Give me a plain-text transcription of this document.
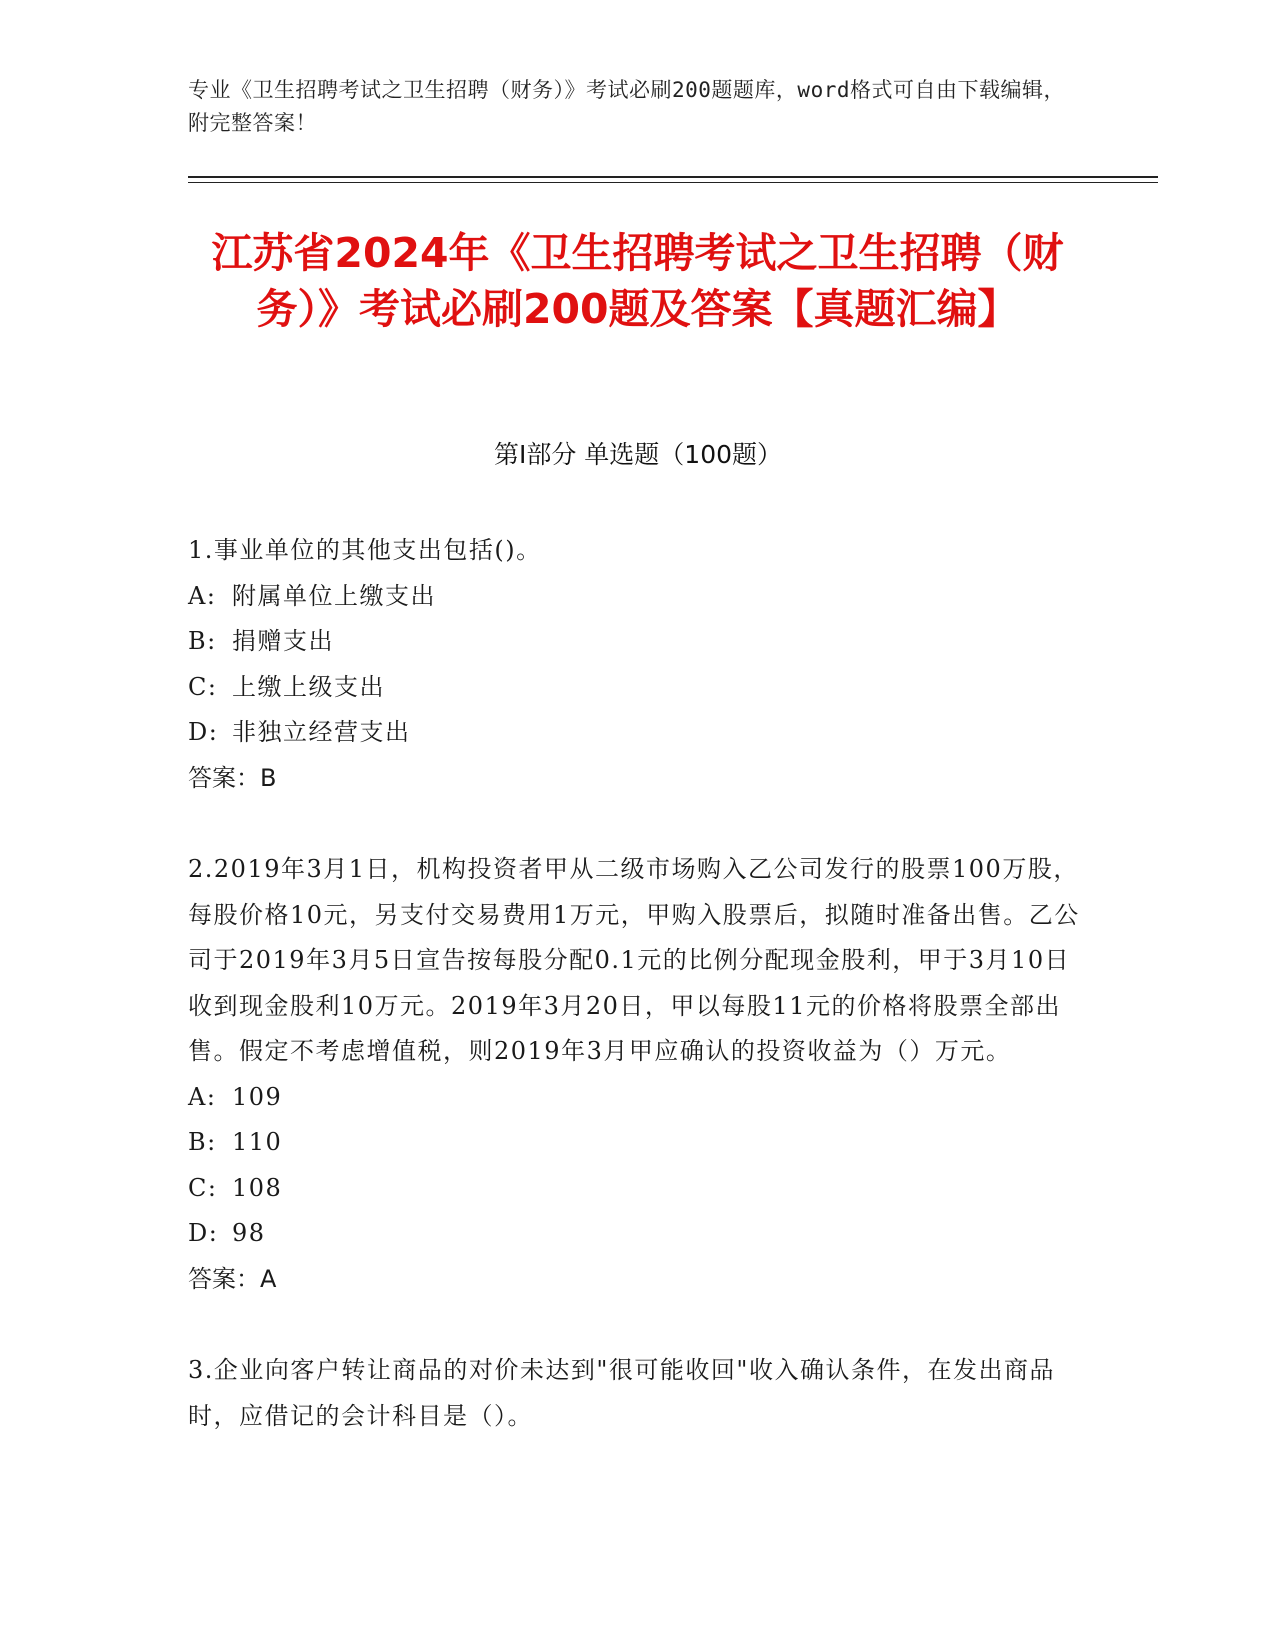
专业《卫生招聘考试之卫生招聘（财务）》考试必刷200题题库，word格式可自由下载编辑，附完整答案！
江苏省2024年《卫生招聘考试之卫生招聘（财务）》考试必刷200题及答案【真题汇编】
第Ⅰ部分 单选题（100题）

1.事业单位的其他支出包括()。

A: 附属单位上缴支出

B: 捐赠支出

C: 上缴上级支出

D: 非独立经营支出

答案：B

2.2019年3月1日，机构投资者甲从二级市场购入乙公司发行的股票100万股，每股价格10元，另支付交易费用1万元，甲购入股票后，拟随时准备出售。乙公司于2019年3月5日宣告按每股分配0.1元的比例分配现金股利，甲于3月10日收到现金股利10万元。2019年3月20日，甲以每股11元的价格将股票全部出售。假定不考虑增值税，则2019年3月甲应确认的投资收益为（）万元。

A: 109

B: 110

C: 108

D: 98

答案：A

3.企业向客户转让商品的对价未达到"很可能收回"收入确认条件，在发出商品时，应借记的会计科目是（）。
